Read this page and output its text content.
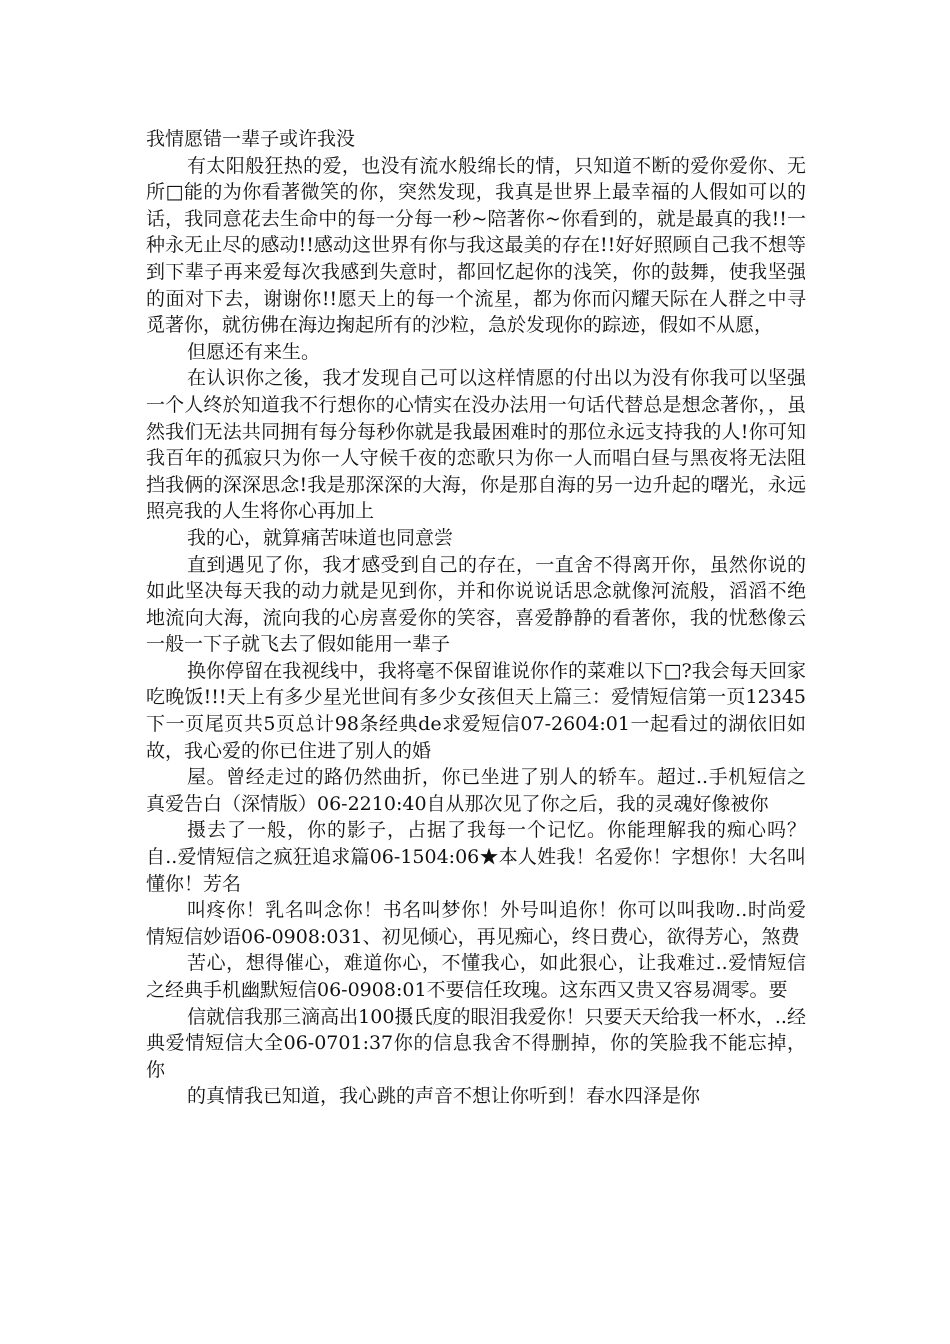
我情愿错一辈子或许我没

有太阳般狂热的爱，也没有流水般绵长的情，只知道不断的爱你爱你、无所□能的为你看著微笑的你，突然发现，我真是世界上最幸福的人假如可以的话，我同意花去生命中的每一分每一秒~陪著你~你看到的，就是最真的我!!一种永无止尽的感动!!感动这世界有你与我这最美的存在!!好好照顾自己我不想等到下辈子再来爱每次我感到失意时，都回忆起你的浅笑，你的鼓舞，使我坚强的面对下去，谢谢你!!愿天上的每一个流星，都为你而闪耀天际在人群之中寻觅著你，就彷佛在海边掬起所有的沙粒，急於发现你的踪迹，假如不从愿，

但愿还有来生。

在认识你之後，我才发现自己可以这样情愿的付出以为没有你我可以坚强一个人终於知道我不行想你的心情实在没办法用一句话代替总是想念著你，，虽然我们无法共同拥有每分每秒你就是我最困难时的那位永远支持我的人!你可知我百年的孤寂只为你一人守候千夜的恋歌只为你一人而唱白昼与黑夜将无法阻挡我俩的深深思念!我是那深深的大海，你是那自海的另一边升起的曙光，永远照亮我的人生将你心再加上

我的心，就算痛苦味道也同意尝

直到遇见了你，我才感受到自己的存在，一直舍不得离开你，虽然你说的如此坚决每天我的动力就是见到你，并和你说说话思念就像河流般，滔滔不绝地流向大海，流向我的心房喜爱你的笑容，喜爱静静的看著你，我的忧愁像云一般一下子就飞去了假如能用一辈子

换你停留在我视线中，我将毫不保留谁说你作的菜难以下□?我会每天回家吃晚饭!!!天上有多少星光世间有多少女孩但天上篇三：爱情短信第一页12345下一页尾页共5页总计98条经典de求爱短信07-2604:01一起看过的湖依旧如故，我心爱的你已住进了别人的婚

屋。曾经走过的路仍然曲折，你已坐进了别人的轿车。超过..手机短信之真爱告白（深情版）06-2210:40自从那次见了你之后，我的灵魂好像被你

摄去了一般，你的影子，占据了我每一个记忆。你能理解我的痴心吗？自..爱情短信之疯狂追求篇06-1504:06★本人姓我！名爱你！字想你！大名叫懂你！芳名

叫疼你！乳名叫念你！书名叫梦你！外号叫追你！你可以叫我吻..时尚爱情短信妙语06-0908:031、初见倾心，再见痴心，终日费心，欲得芳心，煞费

苦心，想得催心，难道你心，不懂我心，如此狠心，让我难过..爱情短信之经典手机幽默短信06-0908:01不要信任玫瑰。这东西又贵又容易凋零。要

信就信我那三滴高出100摄氏度的眼泪我爱你！只要天天给我一杯水，..经典爱情短信大全06-0701:37你的信息我舍不得删掉，你的笑脸我不能忘掉，你

的真情我已知道，我心跳的声音不想让你听到！春水四泽是你
